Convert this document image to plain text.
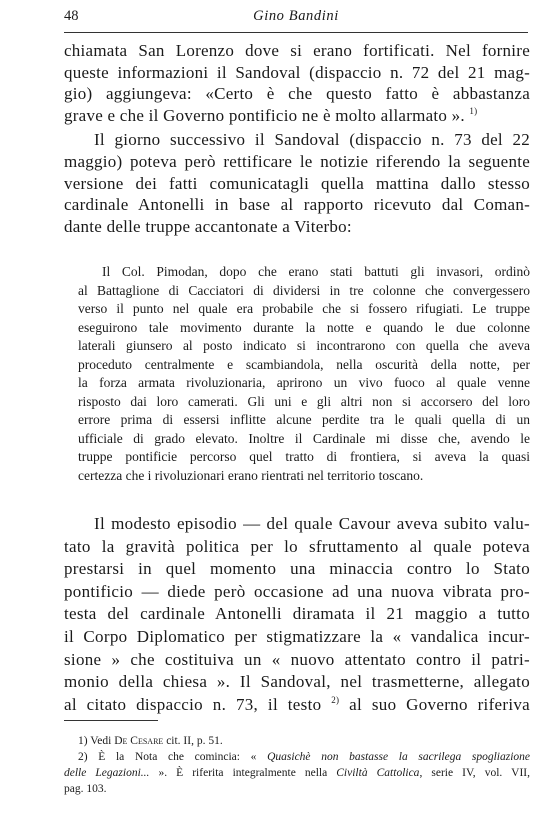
48	Gino Bandini
chiamata San Lorenzo dove si erano fortificati. Nel fornire
queste informazioni il Sandoval (dispaccio n. 72 del 21 mag-
gio) aggiungeva: «Certo è che questo fatto è abbastanza
grave e che il Governo pontificio ne è molto allarmato ». $^{1)}$
Il giorno successivo il Sandoval (dispaccio n. 73 del 22
maggio) poteva però rettificare le notizie riferendo la seguente
versione dei fatti comunicatagli quella mattina dallo stesso
cardinale Antonelli in base al rapporto ricevuto dal Coman-
dante delle truppe accantonate a Viterbo:
Il Col. Pimodan, dopo che erano stati battuti gli invasori, ordinò
al Battaglione di Cacciatori di dividersi in tre colonne che convergessero
verso il punto nel quale era probabile che si fossero rifugiati. Le truppe
eseguirono tale movimento durante la notte e quando le due colonne
laterali giunsero al posto indicato si incontrarono con quella che aveva
proceduto centralmente e scambiandola, nella oscurità della notte, per
la forza armata rivoluzionaria, aprirono un vivo fuoco al quale venne
risposto dai loro camerati. Gli uni e gli altri non si accorsero del loro
errore prima di essersi inflitte alcune perdite tra le quali quella di un
ufficiale di grado elevato. Inoltre il Cardinale mi disse che, avendo le
truppe pontificie percorso quel tratto di frontiera, si aveva la quasi
certezza che i rivoluzionari erano rientrati nel territorio toscano.
Il modesto episodio — del quale Cavour aveva subito valu-
tato la gravità politica per lo sfruttamento al quale poteva
prestarsi in quel momento una minaccia contro lo Stato
pontificio — diede però occasione ad una nuova vibrata pro-
testa del cardinale Antonelli diramata il 21 maggio a tutto
il Corpo Diplomatico per stigmatizzare la « vandalica incur-
sione » che costituiva un « nuovo attentato contro il patri-
monio della chiesa ». Il Sandoval, nel trasmetterne, allegato
al citato dispaccio n. 73, il testo $^{2)}$ al suo Governo riferiva
1) Vedi De Cesare cit. II, p. 51.
2) È la Nota che comincia: « Quasichè non bastasse la sacrilega spogliazione
delle Legazioni... ». È riferita integralmente nella Civiltà Cattolica, serie IV, vol. VII,
pag. 103.
